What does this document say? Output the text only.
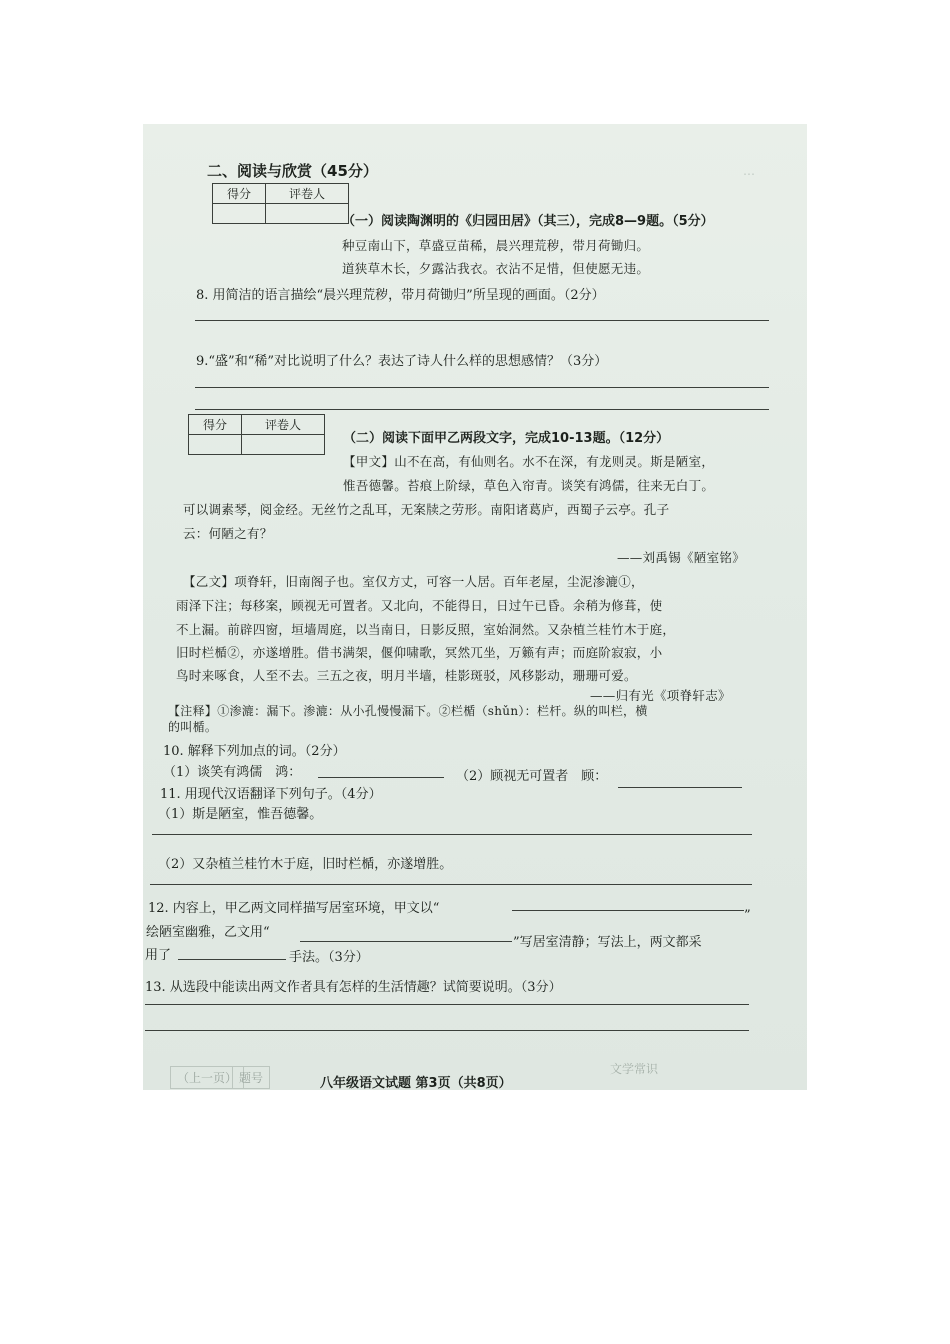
…

二、阅读与欣赏（45分）
得分	评卷人

（一）阅读陶渊明的《归园田居》（其三），完成8—9题。（5分）
种豆南山下，草盛豆苗稀，晨兴理荒秽，带月荷锄归。
道狭草木长，夕露沾我衣。衣沾不足惜，但使愿无违。
8. 用简洁的语言描绘“晨兴理荒秽，带月荷锄归”所呈现的画面。（2分）
9.“盛”和“稀”对比说明了什么？表达了诗人什么样的思想感情？（3分）
得分	评卷人

（二）阅读下面甲乙两段文字，完成10-13题。（12分）
【甲文】山不在高，有仙则名。水不在深，有龙则灵。斯是陋室，
惟吾德馨。苔痕上阶绿，草色入帘青。谈笑有鸿儒，往来无白丁。
可以调素琴，阅金经。无丝竹之乱耳，无案牍之劳形。南阳诸葛庐，西蜀子云亭。孔子
云：何陋之有？
——刘禹锡《陋室铭》
【乙文】项脊轩，旧南阁子也。室仅方丈，可容一人居。百年老屋，尘泥渗漉①，
雨泽下注；每移案，顾视无可置者。又北向，不能得日，日过午已昏。余稍为修葺，使
不上漏。前辟四窗，垣墙周庭，以当南日，日影反照，室始洞然。又杂植兰桂竹木于庭，
旧时栏楯②，亦遂增胜。借书满架，偃仰啸歌，冥然兀坐，万籁有声；而庭阶寂寂，小
鸟时来啄食，人至不去。三五之夜，明月半墙，桂影斑驳，风移影动，珊珊可爱。
——归有光《项脊轩志》
【注释】①渗漉：漏下。渗漉：从小孔慢慢漏下。②栏楯（shǔn）：栏杆。纵的叫栏，横
的叫楯。
10. 解释下列加点的词。（2分）
（1）谈笑有鸿儒　鸿：	（2）顾视无可置者　顾：
11. 用现代汉语翻译下列句子。（4分）
（1）斯是陋室，惟吾德馨。
（2）又杂植兰桂竹木于庭，旧时栏楯，亦遂增胜。
12. 内容上，甲乙两文同样描写居室环境，甲文以“	”
绘陋室幽雅，乙文用“
”写居室清静；写法上，两文都采
用了	手法。（3分）
13. 从选段中能读出两文作者具有怎样的生活情趣？试简要说明。（3分）
（上一页） 题号	八年级语文试题 第3页（共8页）
文学常识
